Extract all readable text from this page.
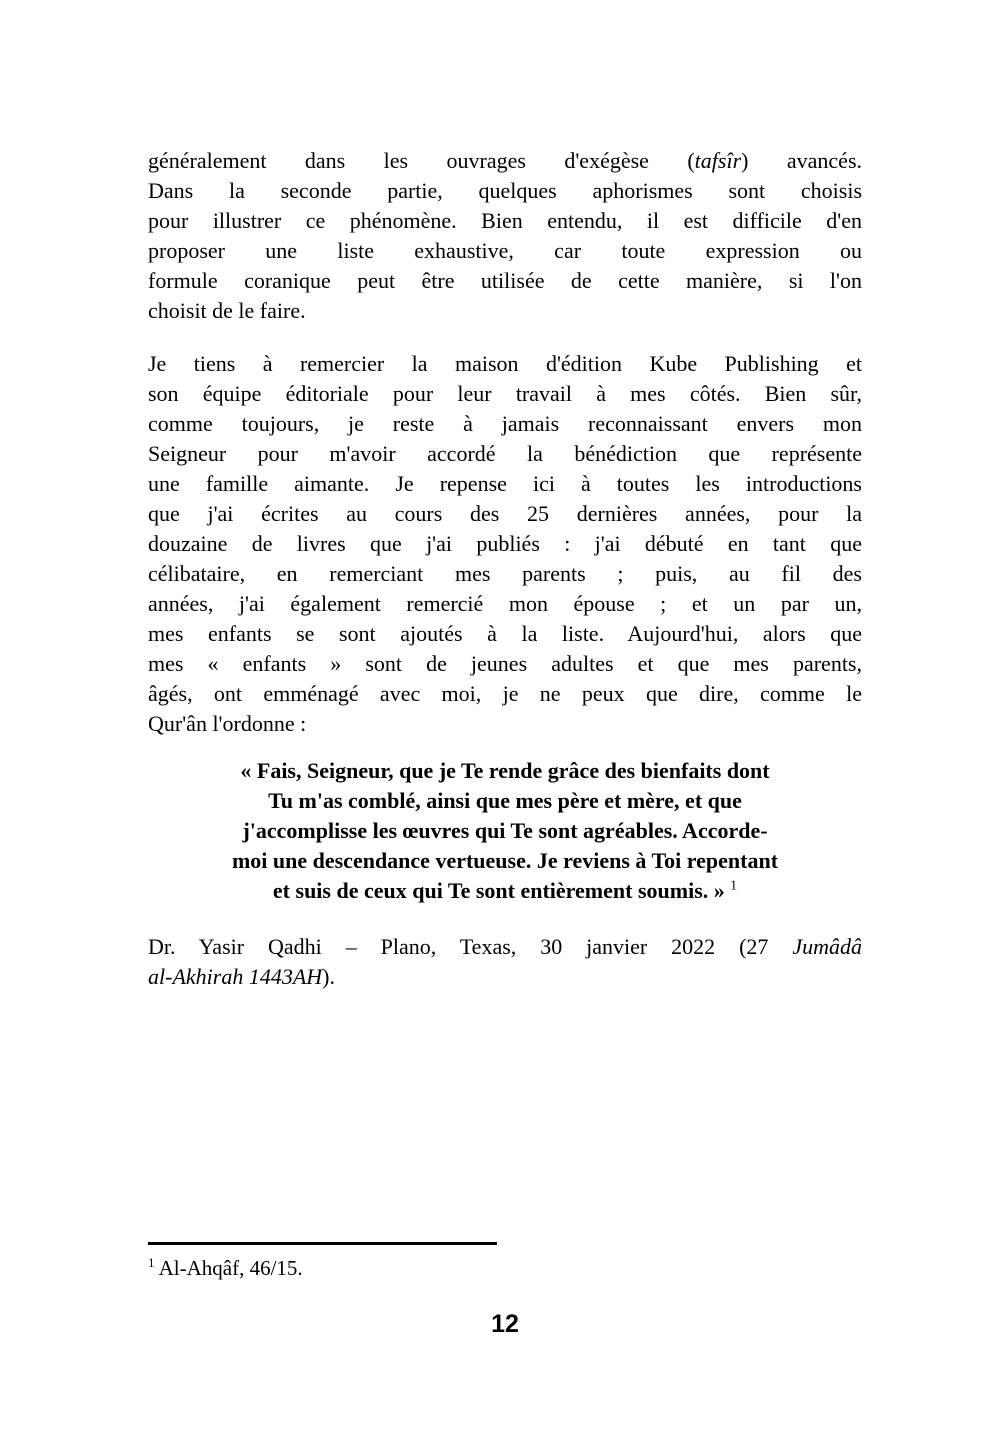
généralement dans les ouvrages d'exégèse (tafsîr) avancés.
Dans la seconde partie, quelques aphorismes sont choisis
pour illustrer ce phénomène. Bien entendu, il est difficile d'en
proposer une liste exhaustive, car toute expression ou
formule coranique peut être utilisée de cette manière, si l'on
choisit de le faire.
Je tiens à remercier la maison d'édition Kube Publishing et
son équipe éditoriale pour leur travail à mes côtés. Bien sûr,
comme toujours, je reste à jamais reconnaissant envers mon
Seigneur pour m'avoir accordé la bénédiction que représente
une famille aimante. Je repense ici à toutes les introductions
que j'ai écrites au cours des 25 dernières années, pour la
douzaine de livres que j'ai publiés : j'ai débuté en tant que
célibataire, en remerciant mes parents ; puis, au fil des
années, j'ai également remercié mon épouse ; et un par un,
mes enfants se sont ajoutés à la liste. Aujourd'hui, alors que
mes « enfants » sont de jeunes adultes et que mes parents,
âgés, ont emménagé avec moi, je ne peux que dire, comme le
Qur'ân l'ordonne :
« Fais, Seigneur, que je Te rende grâce des bienfaits dont
Tu m'as comblé, ainsi que mes père et mère, et que
j'accomplisse les œuvres qui Te sont agréables. Accorde-
moi une descendance vertueuse. Je reviens à Toi repentant
et suis de ceux qui Te sont entièrement soumis. » $^1$
Dr. Yasir Qadhi – Plano, Texas, 30 janvier 2022 (27 Jumâdâ
al-Akhirah 1443AH).
$^1$ Al-Ahqâf, 46/15.
12
